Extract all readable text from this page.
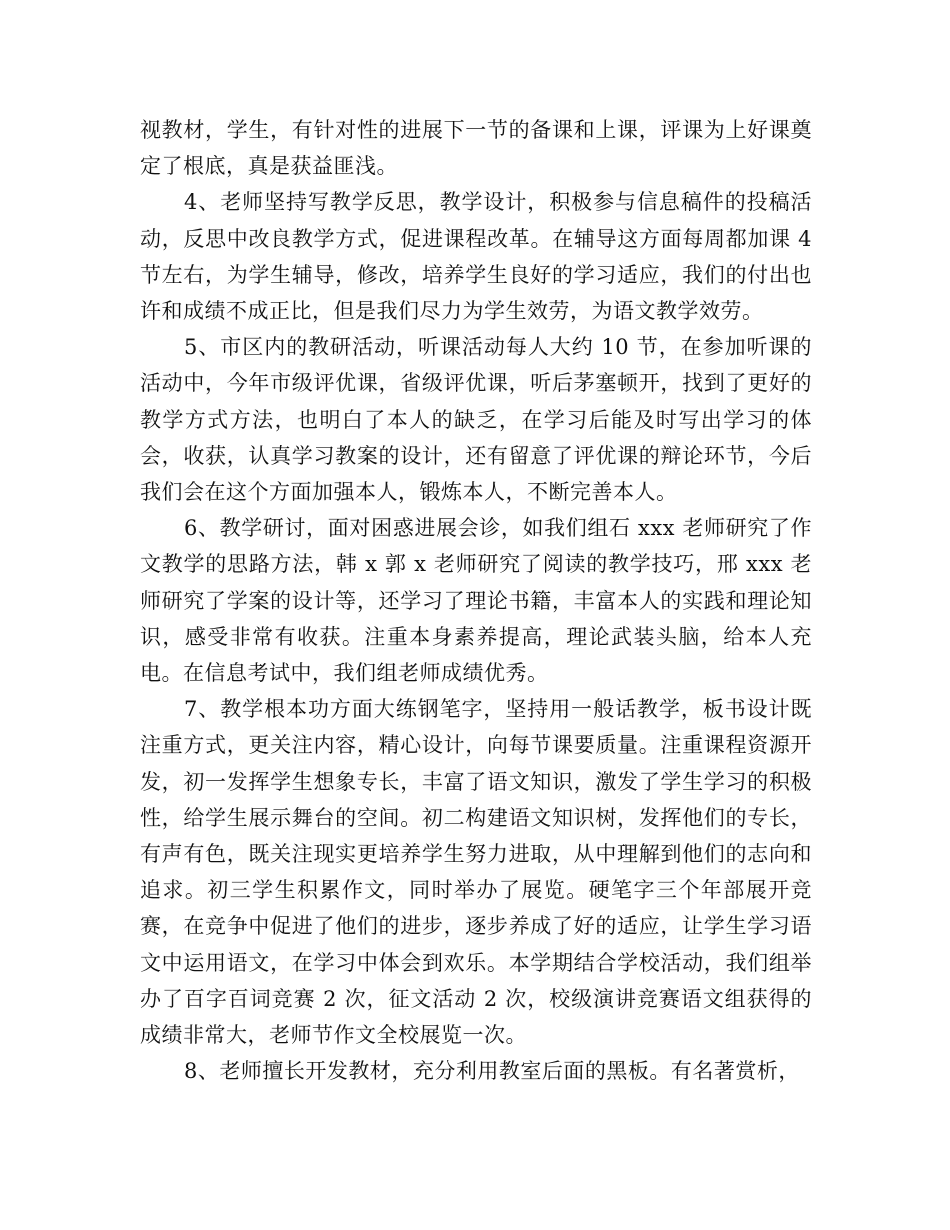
视教材，学生，有针对性的进展下一节的备课和上课，评课为上好课奠定了根底，真是获益匪浅。

4、老师坚持写教学反思，教学设计，积极参与信息稿件的投稿活动，反思中改良教学方式，促进课程改革。在辅导这方面每周都加课 4 节左右，为学生辅导，修改，培养学生良好的学习适应，我们的付出也许和成绩不成正比，但是我们尽力为学生效劳，为语文教学效劳。

5、市区内的教研活动，听课活动每人大约 10 节，在参加听课的活动中，今年市级评优课，省级评优课，听后茅塞顿开，找到了更好的教学方式方法，也明白了本人的缺乏，在学习后能及时写出学习的体会，收获，认真学习教案的设计，还有留意了评优课的辩论环节，今后我们会在这个方面加强本人，锻炼本人，不断完善本人。

6、教学研讨，面对困惑进展会诊，如我们组石 xxx 老师研究了作文教学的思路方法，韩 x 郭 x 老师研究了阅读的教学技巧，邢 xxx 老师研究了学案的设计等，还学习了理论书籍，丰富本人的实践和理论知识，感受非常有收获。注重本身素养提高，理论武装头脑，给本人充电。在信息考试中，我们组老师成绩优秀。

7、教学根本功方面大练钢笔字，坚持用一般话教学，板书设计既注重方式，更关注内容，精心设计，向每节课要质量。注重课程资源开发，初一发挥学生想象专长，丰富了语文知识，激发了学生学习的积极性，给学生展示舞台的空间。初二构建语文知识树，发挥他们的专长，有声有色，既关注现实更培养学生努力进取，从中理解到他们的志向和追求。初三学生积累作文，同时举办了展览。硬笔字三个年部展开竞赛，在竞争中促进了他们的进步，逐步养成了好的适应，让学生学习语文中运用语文，在学习中体会到欢乐。本学期结合学校活动，我们组举办了百字百词竞赛 2 次，征文活动 2 次，校级演讲竞赛语文组获得的成绩非常大，老师节作文全校展览一次。

8、老师擅长开发教材，充分利用教室后面的黑板。有名著赏析，
